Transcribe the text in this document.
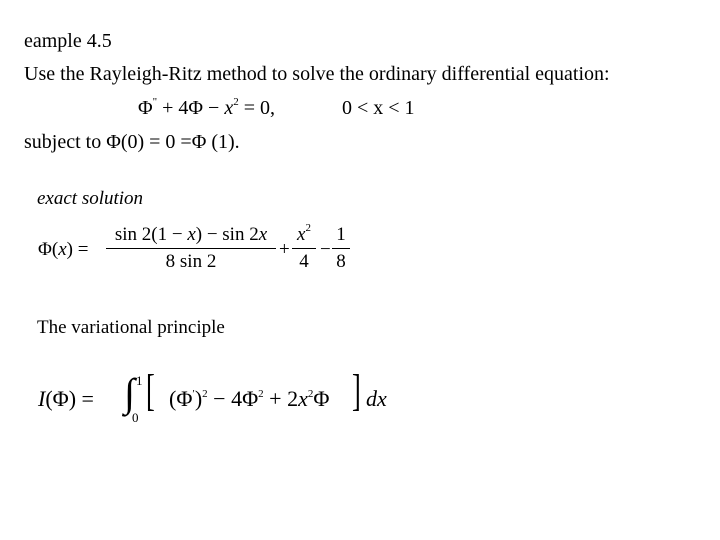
eample 4.5
Use the Rayleigh-Ritz method to solve the ordinary differential equation:
$\Phi^" + 4\Phi - x^2 = 0$,	0 < x < 1
subject to Φ(0) = 0 =Φ (1).
exact solution
Φ(x) =
sin 2(1 − x) − sin 2x
8 sin 2
+
$x^2$
4
−
1
8
The variational principle
I(Φ) = ∫ 1
0
[ $(\Phi')^2 - 4\Phi^2 + 2x^2\Phi$ ] dx
